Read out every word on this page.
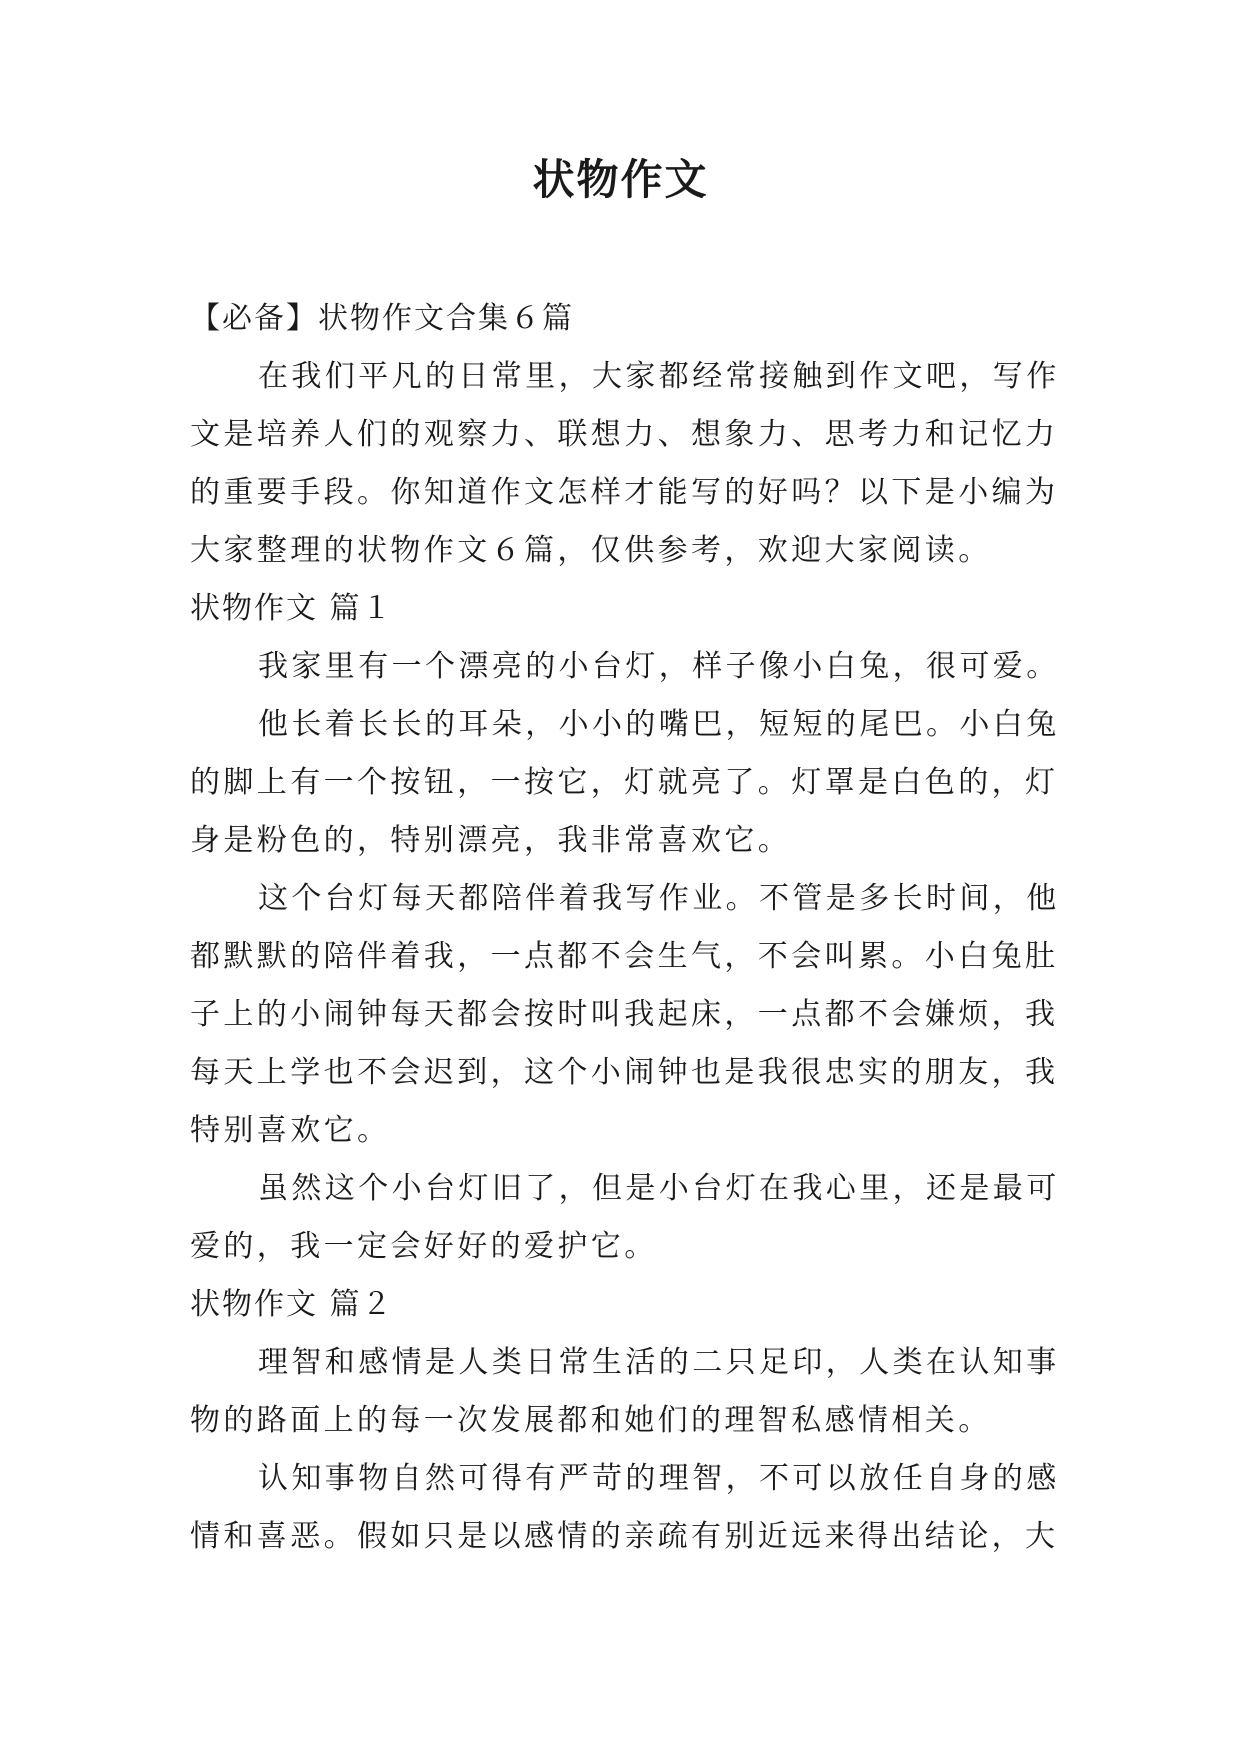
状物作文
【必备】状物作文合集６篇
在我们平凡的日常里，大家都经常接触到作文吧，写作
文是培养人们的观察力、联想力、想象力、思考力和记忆力
的重要手段。你知道作文怎样才能写的好吗？以下是小编为
大家整理的状物作文６篇，仅供参考，欢迎大家阅读。
状物作文 篇１
我家里有一个漂亮的小台灯，样子像小白兔，很可爱。
他长着长长的耳朵，小小的嘴巴，短短的尾巴。小白兔
的脚上有一个按钮，一按它，灯就亮了。灯罩是白色的，灯
身是粉色的，特别漂亮，我非常喜欢它。
这个台灯每天都陪伴着我写作业。不管是多长时间，他
都默默的陪伴着我，一点都不会生气，不会叫累。小白兔肚
子上的小闹钟每天都会按时叫我起床，一点都不会嫌烦，我
每天上学也不会迟到，这个小闹钟也是我很忠实的朋友，我
特别喜欢它。
虽然这个小台灯旧了，但是小台灯在我心里，还是最可
爱的，我一定会好好的爱护它。
状物作文 篇２
理智和感情是人类日常生活的二只足印，人类在认知事
物的路面上的每一次发展都和她们的理智私感情相关。
认知事物自然可得有严苛的理智，不可以放任自身的感
情和喜恶。假如只是以感情的亲疏有别近远来得出结论，大
